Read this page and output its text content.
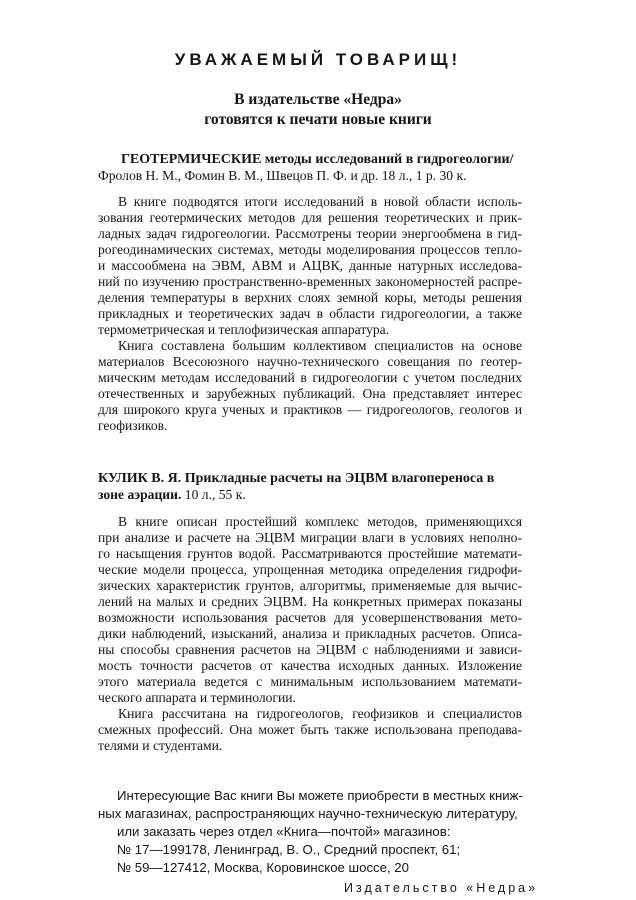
УВАЖАЕМЫЙ ТОВАРИЩ!
В издательстве «Недра»
готовятся к печати новые книги
ГЕОТЕРМИЧЕСКИЕ методы исследований в гидрогеологии/
Фролов Н. М., Фомин В. М., Швецов П. Ф. и др. 18 л., 1 р. 30 к.
В книге подводятся итоги исследований в новой области исполь-
зования геотермических методов для решения теоретических и прик-
ладных задач гидрогеологии. Рассмотрены теории энергообмена в гид-
рогеодинамических системах, методы моделирования процессов тепло-
и массообмена на ЭВМ, АВМ и АЦВК, данные натурных исследова-
ний по изучению пространственно-временных закономерностей распре-
деления температуры в верхних слоях земной коры, методы решения
прикладных и теоретических задач в области гидрогеологии, а также
термометрическая и теплофизическая аппаратура.
Книга составлена большим коллективом специалистов на основе
материалов Всесоюзного научно-технического совещания по геотер-
мическим методам исследований в гидрогеологии с учетом последних
отечественных и зарубежных публикаций. Она представляет интерес
для широкого круга ученых и практиков — гидрогеологов, геологов и
геофизиков.
КУЛИК В. Я. Прикладные расчеты на ЭЦВМ влагопереноса в
зоне аэрации. 10 л., 55 к.
В книге описан простейший комплекс методов, применяющихся
при анализе и расчете на ЭЦВМ миграции влаги в условиях неполно-
го насыщения грунтов водой. Рассматриваются простейшие математи-
ческие модели процесса, упрощенная методика определения гидрофи-
зических характеристик грунтов, алгоритмы, применяемые для вычис-
лений на малых и средних ЭЦВМ. На конкретных примерах показаны
возможности использования расчетов для усовершенствования мето-
дики наблюдений, изысканий, анализа и прикладных расчетов. Описа-
ны способы сравнения расчетов на ЭЦВМ с наблюдениями и зависи-
мость точности расчетов от качества исходных данных. Изложение
этого материала ведется с минимальным использованием математи-
ческого аппарата и терминологии.
Книга рассчитана на гидрогеологов, геофизиков и специалистов
смежных профессий. Она может быть также использована преподава-
телями и студентами.
Интересующие Вас книги Вы можете приобрести в местных книж-
ных магазинах, распространяющих научно-техническую литературу,
или заказать через отдел «Книга—почтой» магазинов:
№ 17—199178, Ленинград, В. О., Средний проспект, 61;
№ 59—127412, Москва, Коровинское шоссе, 20
Издательство «Недра»
